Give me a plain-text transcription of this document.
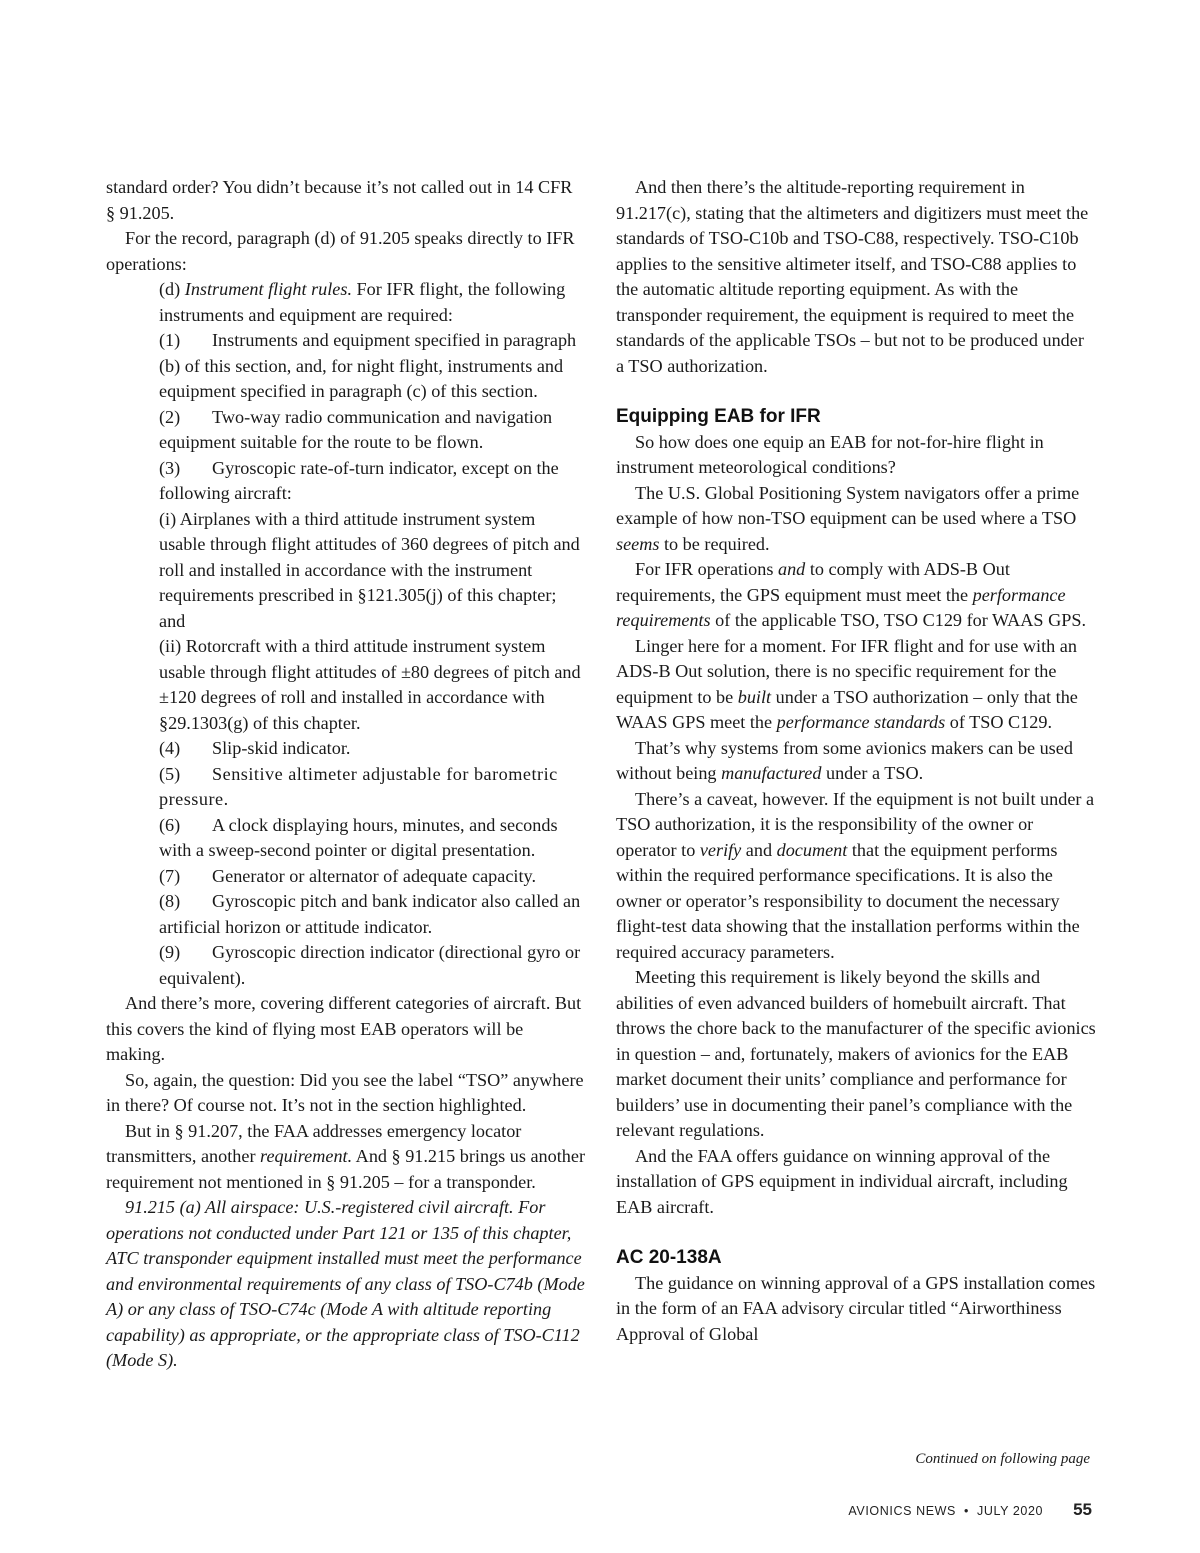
standard order? You didn’t because it’s not called out in 14 CFR § 91.205.

For the record, paragraph (d) of 91.205 speaks directly to IFR operations:

(d) Instrument flight rules. For IFR flight, the following instruments and equipment are required:

(1) Instruments and equipment specified in paragraph (b) of this section, and, for night flight, instruments and equipment specified in paragraph (c) of this section.

(2) Two-way radio communication and navigation equipment suitable for the route to be flown.

(3) Gyroscopic rate-of-turn indicator, except on the following aircraft:

(i) Airplanes with a third attitude instrument system usable through flight attitudes of 360 degrees of pitch and roll and installed in accordance with the instrument requirements prescribed in §121.305(j) of this chapter; and

(ii) Rotorcraft with a third attitude instrument system usable through flight attitudes of ±80 degrees of pitch and ±120 degrees of roll and installed in accordance with §29.1303(g) of this chapter.

(4) Slip-skid indicator.

(5) Sensitive altimeter adjustable for barometric pressure.

(6) A clock displaying hours, minutes, and seconds with a sweep-second pointer or digital presentation.

(7) Generator or alternator of adequate capacity.

(8) Gyroscopic pitch and bank indicator also called an artificial horizon or attitude indicator.

(9) Gyroscopic direction indicator (directional gyro or equivalent).

And there’s more, covering different categories of aircraft. But this covers the kind of flying most EAB operators will be making.

So, again, the question: Did you see the label “TSO” anywhere in there? Of course not. It’s not in the section highlighted.

But in § 91.207, the FAA addresses emergency locator transmitters, another requirement. And § 91.215 brings us another requirement not mentioned in § 91.205 – for a transponder.

91.215 (a) All airspace: U.S.-registered civil aircraft. For operations not conducted under Part 121 or 135 of this chapter, ATC transponder equipment installed must meet the performance and environmental requirements of any class of TSO-C74b (Mode A) or any class of TSO-C74c (Mode A with altitude reporting capability) as appropriate, or the appropriate class of TSO-C112 (Mode S).

And then there’s the altitude-reporting requirement in 91.217(c), stating that the altimeters and digitizers must meet the standards of TSO-C10b and TSO-C88, respectively. TSO-C10b applies to the sensitive altimeter itself, and TSO-C88 applies to the automatic altitude reporting equipment. As with the transponder requirement, the equipment is required to meet the standards of the applicable TSOs – but not to be produced under a TSO authorization.

Equipping EAB for IFR

So how does one equip an EAB for not-for-hire flight in instrument meteorological conditions?

The U.S. Global Positioning System navigators offer a prime example of how non-TSO equipment can be used where a TSO seems to be required.

For IFR operations and to comply with ADS-B Out requirements, the GPS equipment must meet the performance requirements of the applicable TSO, TSO C129 for WAAS GPS.

Linger here for a moment. For IFR flight and for use with an ADS-B Out solution, there is no specific requirement for the equipment to be built under a TSO authorization – only that the WAAS GPS meet the performance standards of TSO C129.

That’s why systems from some avionics makers can be used without being manufactured under a TSO.

There’s a caveat, however. If the equipment is not built under a TSO authorization, it is the responsibility of the owner or operator to verify and document that the equipment performs within the required performance specifications. It is also the owner or operator’s responsibility to document the necessary flight-test data showing that the installation performs within the required accuracy parameters.

Meeting this requirement is likely beyond the skills and abilities of even advanced builders of homebuilt aircraft. That throws the chore back to the manufacturer of the specific avionics in question – and, fortunately, makers of avionics for the EAB market document their units’ compliance and performance for builders’ use in documenting their panel’s compliance with the relevant regulations.

And the FAA offers guidance on winning approval of the installation of GPS equipment in individual aircraft, including EAB aircraft.

AC 20-138A

The guidance on winning approval of a GPS installation comes in the form of an FAA advisory circular titled “Airworthiness Approval of Global

Continued on following page
AVIONICS NEWS • JULY 2020 55
